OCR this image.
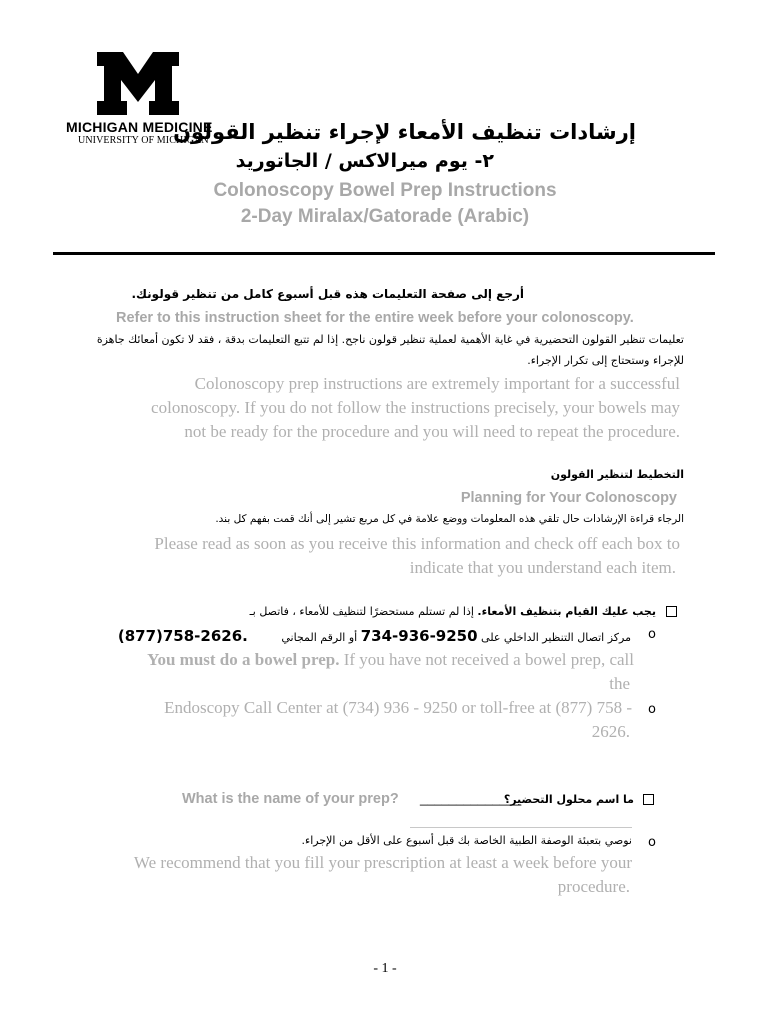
MICHIGAN MEDICINE
UNIVERSITY OF MICHIGAN
إرشادات تنظيف الأمعاء لإجراء تنظير القولون
٢- يوم ميرالاكس / الجاتوريد
Colonoscopy Bowel Prep Instructions
2-Day Miralax/Gatorade (Arabic)
أرجع إلى صفحة التعليمات هذه قبل أسبوع كامل من تنظير قولونك.
Refer to this instruction sheet for the entire week before your colonoscopy.
تعليمات تنظير القولون التحضيرية في غاية الأهمية لعملية تنظير قولون ناجح. إذا لم تتبع التعليمات بدقة ، فقد لا تكون أمعائك جاهزة
للإجراء وستحتاج إلى تكرار الإجراء.
Colonoscopy prep instructions are extremely important for a successful
colonoscopy. If you do not follow the instructions precisely, your bowels may
not be ready for the procedure and you will need to repeat the procedure.
التخطيط لتنظير القولون
Planning for Your Colonoscopy
الرجاء قراءة الإرشادات حال تلقي هذه المعلومات ووضع علامة في كل مربع تشير إلى أنك قمت بفهم كل بند.
Please read as soon as you receive this information and check off each box to
indicate that you understand each item.
يجب عليك القيام بتنظيف الأمعاء. إذا لم تستلم مستحضرًا لتنظيف للأمعاء ، فاتصل بـ
o
مركز اتصال التنظير الداخلي على 734-936-9250 أو الرقم المجاني (877)758-2626.
You must do a bowel prep. If you have not received a bowel prep, call
the
o
Endoscopy Call Center at (734) 936 - 9250 or toll-free at (877) 758 -
2626.
ما اسم محلول التحضير؟
______________
What is the name of your prep?
o
نوصي بتعبئة الوصفة الطبية الخاصة بك قبل أسبوع على الأقل من الإجراء.
We recommend that you fill your prescription at least a week before your
procedure.
- 1 -
